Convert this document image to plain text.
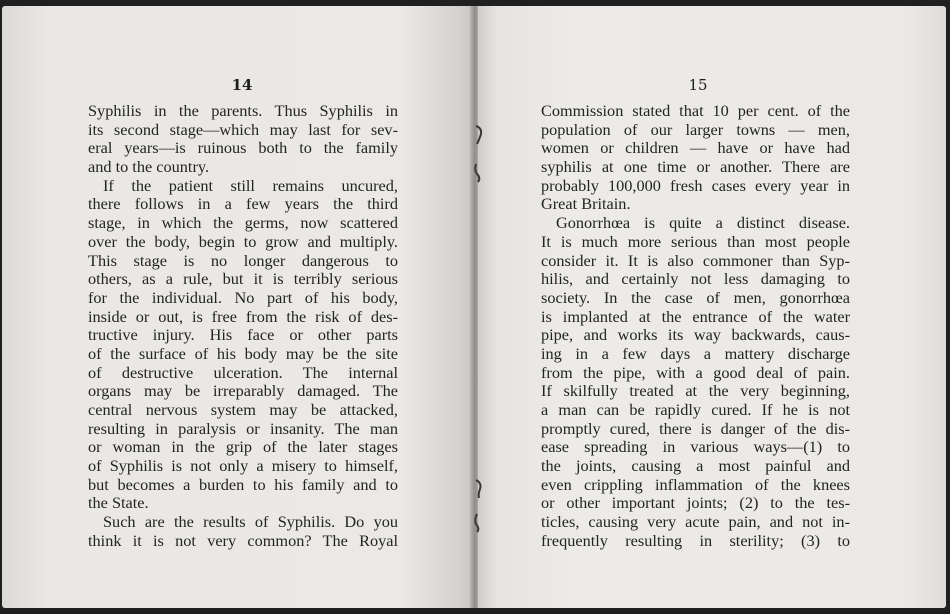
14
Syphilis in the parents. Thus Syphilis in
its second stage—which may last for sev-
eral years—is ruinous both to the family
and to the country.
If the patient still remains uncured,
there follows in a few years the third
stage, in which the germs, now scattered
over the body, begin to grow and multiply.
This stage is no longer dangerous to
others, as a rule, but it is terribly serious
for the individual. No part of his body,
inside or out, is free from the risk of des-
tructive injury. His face or other parts
of the surface of his body may be the site
of destructive ulceration. The internal
organs may be irreparably damaged. The
central nervous system may be attacked,
resulting in paralysis or insanity. The man
or woman in the grip of the later stages
of Syphilis is not only a misery to himself,
but becomes a burden to his family and to
the State.
Such are the results of Syphilis. Do you
think it is not very common? The Royal
15
Commission stated that 10 per cent. of the
population of our larger towns — men,
women or children — have or have had
syphilis at one time or another. There are
probably 100,000 fresh cases every year in
Great Britain.
Gonorrhœa is quite a distinct disease.
It is much more serious than most people
consider it. It is also commoner than Syp-
hilis, and certainly not less damaging to
society. In the case of men, gonorrhœa
is implanted at the entrance of the water
pipe, and works its way backwards, caus-
ing in a few days a mattery discharge
from the pipe, with a good deal of pain.
If skilfully treated at the very beginning,
a man can be rapidly cured. If he is not
promptly cured, there is danger of the dis-
ease spreading in various ways—(1) to
the joints, causing a most painful and
even crippling inflammation of the knees
or other important joints; (2) to the tes-
ticles, causing very acute pain, and not in-
frequently resulting in sterility; (3) to
